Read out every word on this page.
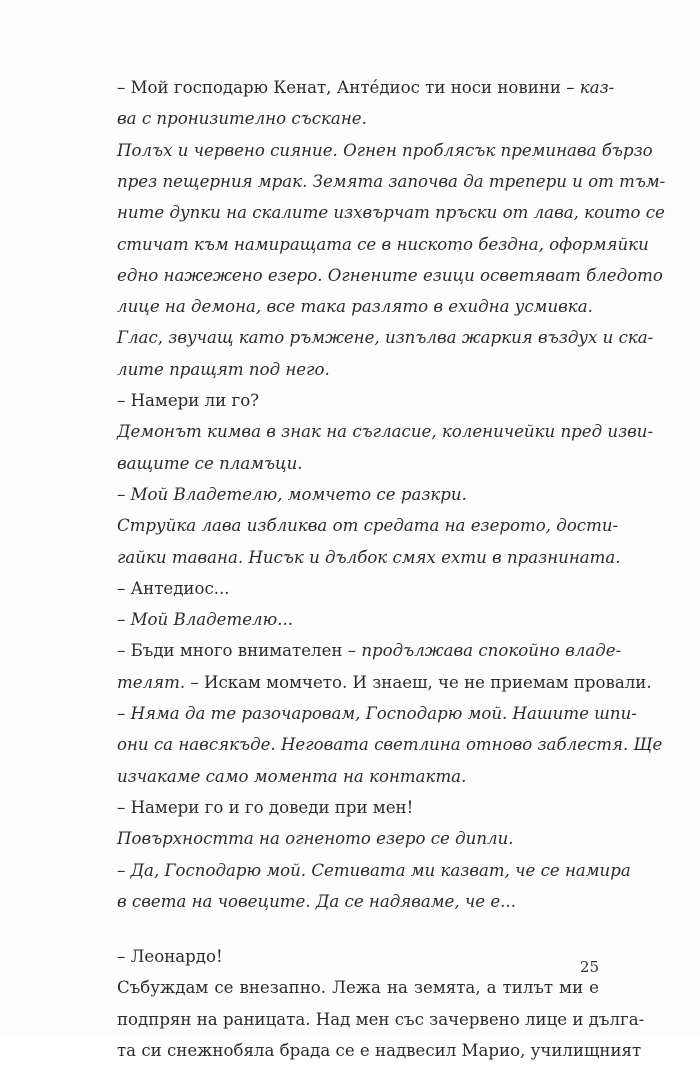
– Мой господарю Кенат, Антéдиос ти носи новини – каз-
ва с пронизително съскане.
Полъх и червено сияние. Огнен проблясък преминава бързо
през пещерния мрак. Земята започва да трепери и от тъм-
ните дупки на скалите изхвърчат пръски от лава, които се
стичат към намиращата се в ниското бездна, оформяйки
едно нажежено езеро. Огнените езици осветяват бледото
лице на демона, все така разлято в ехидна усмивка.
Глас, звучащ като ръмжене, изпълва жаркия въздух и ска-
лите пращят под него.
– Намери ли го?
Демонът кимва в знак на съгласие, коленичейки пред изви-
ващите се пламъци.
– Мой Владетелю, момчето се разкри.
Струйка лава избликва от средата на езерото, дости-
гайки тавана. Нисък и дълбок смях ехти в празнината.
– Антедиос...
– Мой Владетелю...
– Бъди много внимателен – продължава спокойно владе-
телят. – Искам момчето. И знаеш, че не приемам провали.
– Няма да те разочаровам, Господарю мой. Нашите шпи-
они са навсякъде. Неговата светлина отново заблестя. Ще
изчакаме само момента на контакта.
– Намери го и го доведи при мен!
Повърхността на огненото езеро се дипли.
– Да, Господарю мой. Сетивата ми казват, че се намира
в света на човеците. Да се надяваме, че е...
– Леонардо!
Събуждам се внезапно. Лежа на земята, а тилът ми е
подпрян на раницата. Над мен със зачервено лице и дълга-
та си снежнобяла брада се е надвесил Марио, училищният
25
